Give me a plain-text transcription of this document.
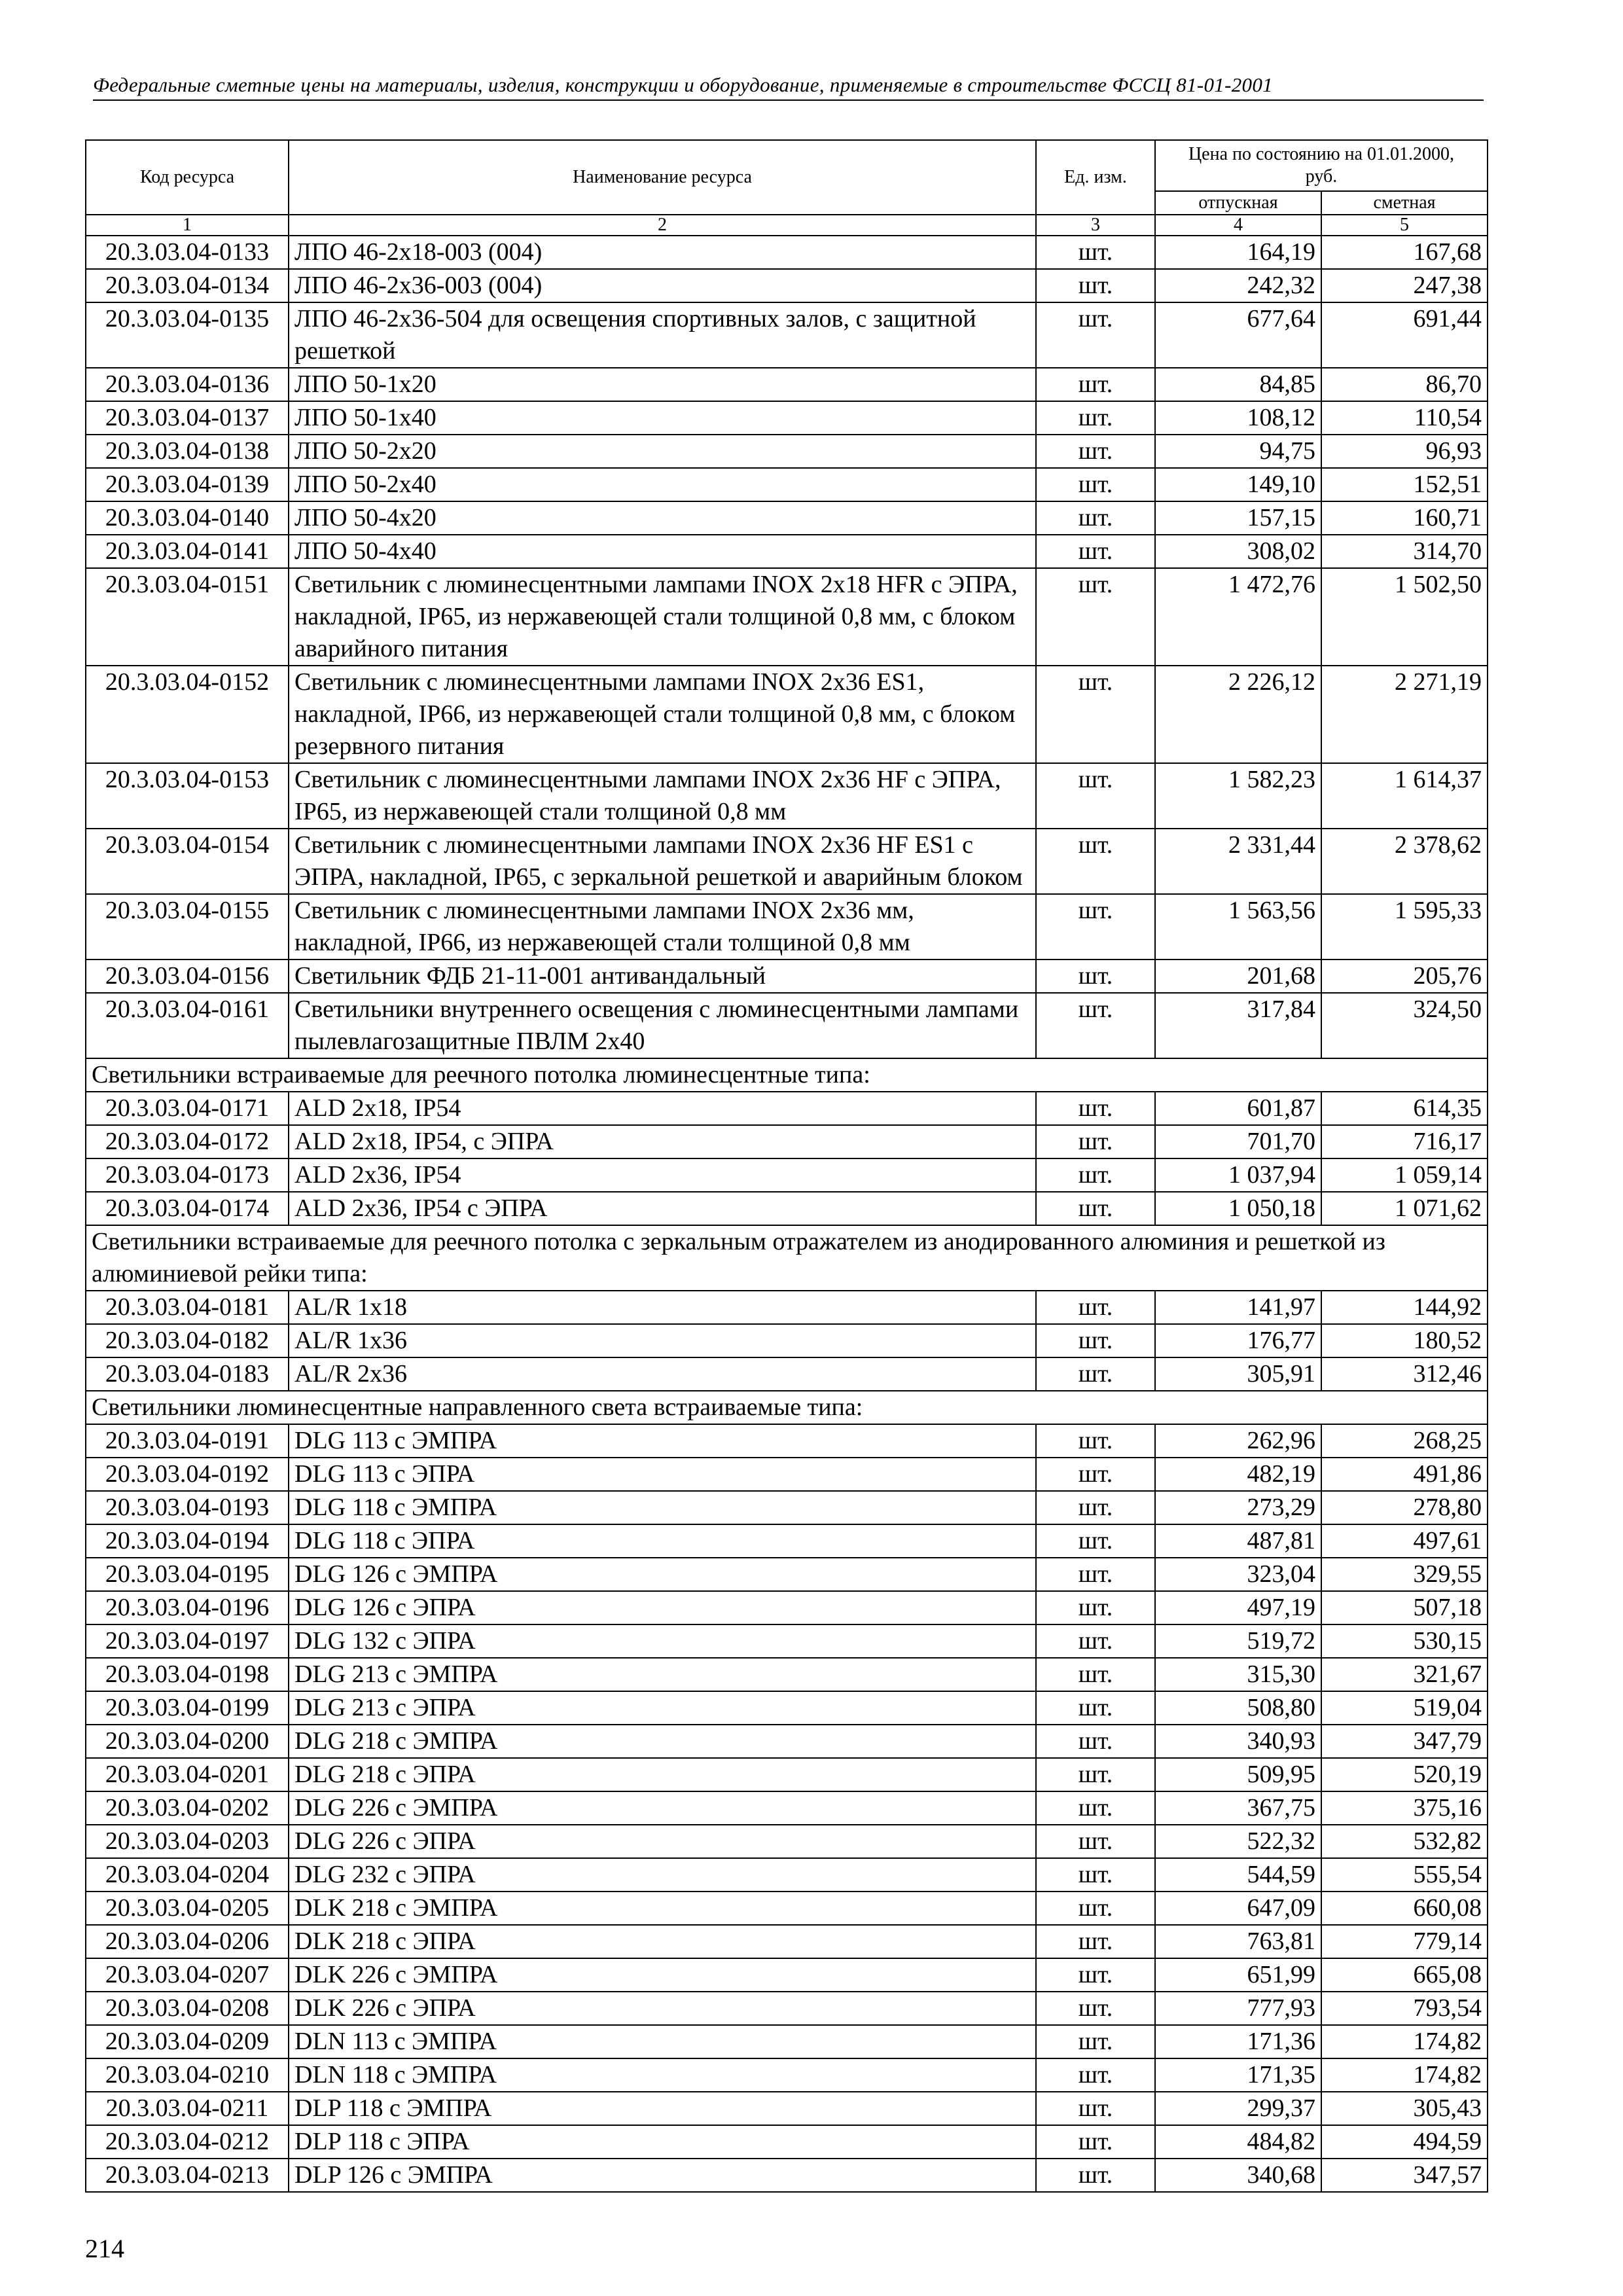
Федеральные сметные цены на материалы, изделия, конструкции и оборудование, применяемые в строительстве ФССЦ 81-01-2001
Код ресурса	Наименование ресурса	Ед. изм.	Цена по состоянию на 01.01.2000, руб.	
			отпускная	сметная
1	2	3	4	5
20.3.03.04-0133	ЛПО 46-2х18-003 (004)	шт.	164,19	167,68
20.3.03.04-0134	ЛПО 46-2х36-003 (004)	шт.	242,32	247,38
20.3.03.04-0135	ЛПО 46-2х36-504 для освещения спортивных залов, с защитной решеткой	шт.	677,64	691,44
20.3.03.04-0136	ЛПО 50-1х20	шт.	84,85	86,70
20.3.03.04-0137	ЛПО 50-1х40	шт.	108,12	110,54
20.3.03.04-0138	ЛПО 50-2х20	шт.	94,75	96,93
20.3.03.04-0139	ЛПО 50-2х40	шт.	149,10	152,51
20.3.03.04-0140	ЛПО 50-4х20	шт.	157,15	160,71
20.3.03.04-0141	ЛПО 50-4х40	шт.	308,02	314,70
20.3.03.04-0151	Светильник с люминесцентными лампами INOX 2х18 HFR с ЭПРА, накладной, IP65, из нержавеющей стали толщиной 0,8 мм, с блоком аварийного питания	шт.	1 472,76	1 502,50
20.3.03.04-0152	Светильник с люминесцентными лампами INOX 2х36 ES1, накладной, IP66, из нержавеющей стали толщиной 0,8 мм, с блоком резервного питания	шт.	2 226,12	2 271,19
20.3.03.04-0153	Светильник с люминесцентными лампами INOX 2х36 HF с ЭПРА, IP65, из нержавеющей стали толщиной 0,8 мм	шт.	1 582,23	1 614,37
20.3.03.04-0154	Светильник с люминесцентными лампами INOX 2х36 HF ES1 с ЭПРА, накладной, IP65, с зеркальной решеткой и аварийным блоком	шт.	2 331,44	2 378,62
20.3.03.04-0155	Светильник с люминесцентными лампами INOX 2х36 мм, накладной, IP66, из нержавеющей стали толщиной 0,8 мм	шт.	1 563,56	1 595,33
20.3.03.04-0156	Светильник ФДБ 21-11-001 антивандальный	шт.	201,68	205,76
20.3.03.04-0161	Светильники внутреннего освещения с люминесцентными лампами пылевлагозащитные ПВЛМ 2х40	шт.	317,84	324,50
Светильники встраиваемые для реечного потолка люминесцентные типа:				
20.3.03.04-0171	ALD 2х18, IP54	шт.	601,87	614,35
20.3.03.04-0172	ALD 2х18, IP54, с ЭПРА	шт.	701,70	716,17
20.3.03.04-0173	ALD 2х36, IP54	шт.	1 037,94	1 059,14
20.3.03.04-0174	ALD 2х36, IP54 с ЭПРА	шт.	1 050,18	1 071,62
Светильники встраиваемые для реечного потолка с зеркальным отражателем из анодированного алюминия и решеткой из алюминиевой рейки типа:				
20.3.03.04-0181	AL/R 1х18	шт.	141,97	144,92
20.3.03.04-0182	AL/R 1х36	шт.	176,77	180,52
20.3.03.04-0183	AL/R 2х36	шт.	305,91	312,46
Светильники люминесцентные направленного света встраиваемые типа:				
20.3.03.04-0191	DLG 113 с ЭМПРА	шт.	262,96	268,25
20.3.03.04-0192	DLG 113 с ЭПРА	шт.	482,19	491,86
20.3.03.04-0193	DLG 118 с ЭМПРА	шт.	273,29	278,80
20.3.03.04-0194	DLG 118 с ЭПРА	шт.	487,81	497,61
20.3.03.04-0195	DLG 126 с ЭМПРА	шт.	323,04	329,55
20.3.03.04-0196	DLG 126 с ЭПРА	шт.	497,19	507,18
20.3.03.04-0197	DLG 132 с ЭПРА	шт.	519,72	530,15
20.3.03.04-0198	DLG 213 с ЭМПРА	шт.	315,30	321,67
20.3.03.04-0199	DLG 213 с ЭПРА	шт.	508,80	519,04
20.3.03.04-0200	DLG 218 с ЭМПРА	шт.	340,93	347,79
20.3.03.04-0201	DLG 218 с ЭПРА	шт.	509,95	520,19
20.3.03.04-0202	DLG 226 с ЭМПРА	шт.	367,75	375,16
20.3.03.04-0203	DLG 226 с ЭПРА	шт.	522,32	532,82
20.3.03.04-0204	DLG 232 с ЭПРА	шт.	544,59	555,54
20.3.03.04-0205	DLK 218 с ЭМПРА	шт.	647,09	660,08
20.3.03.04-0206	DLK 218 с ЭПРА	шт.	763,81	779,14
20.3.03.04-0207	DLK 226 с ЭМПРА	шт.	651,99	665,08
20.3.03.04-0208	DLK 226 с ЭПРА	шт.	777,93	793,54
20.3.03.04-0209	DLN 113 с ЭМПРА	шт.	171,36	174,82
20.3.03.04-0210	DLN 118 с ЭМПРА	шт.	171,35	174,82
20.3.03.04-0211	DLP 118 с ЭМПРА	шт.	299,37	305,43
20.3.03.04-0212	DLP 118 с ЭПРА	шт.	484,82	494,59
20.3.03.04-0213	DLP 126 с ЭМПРА	шт.	340,68	347,57
214
